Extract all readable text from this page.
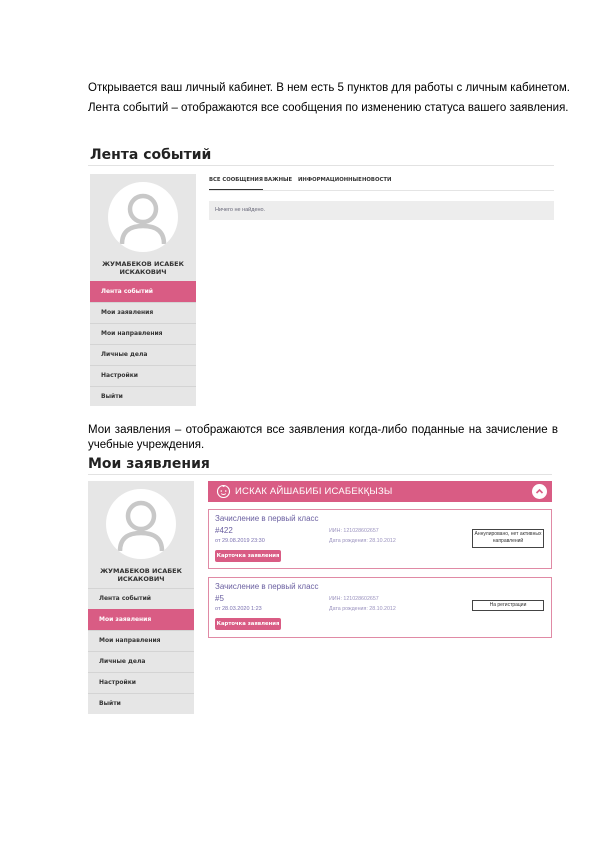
Открывается ваш личный кабинет. В нем есть 5 пунктов для работы с личным кабинетом.
Лента событий – отображаются все сообщения по изменению статуса вашего заявления.
Лента событий
ЖУМАБЕКОВ ИСАБЕК
ИСКАКОВИЧ
Лента событий
Мои заявления
Мои направления
Личные дела
Настройки
Выйти
ВСЕ СООБЩЕНИЯ ВАЖНЫЕ ИНФОРМАЦИОННЫЕ НОВОСТИ
Ничего не найдено.
Мои заявления – отображаются все заявления когда-либо поданные на зачисление в
учебные учреждения.
Мои заявления
ЖУМАБЕКОВ ИСАБЕК
ИСКАКОВИЧ
Лента событий
Мои заявления
Мои направления
Личные дела
Настройки
Выйти
ИСКАК АЙШАБИБІ ИСАБЕКҚЫЗЫ
Зачисление в первый класс
#422
от 29.08.2019 23:30
ИИН: 121028602657
Дата рождения: 28.10.2012
Аннулировано, нет активных
направлений
Карточка заявления
Зачисление в первый класс
#5
от 28.03.2020 1:23
ИИН: 121028602657
Дата рождения: 28.10.2012
На регистрации
Карточка заявления
